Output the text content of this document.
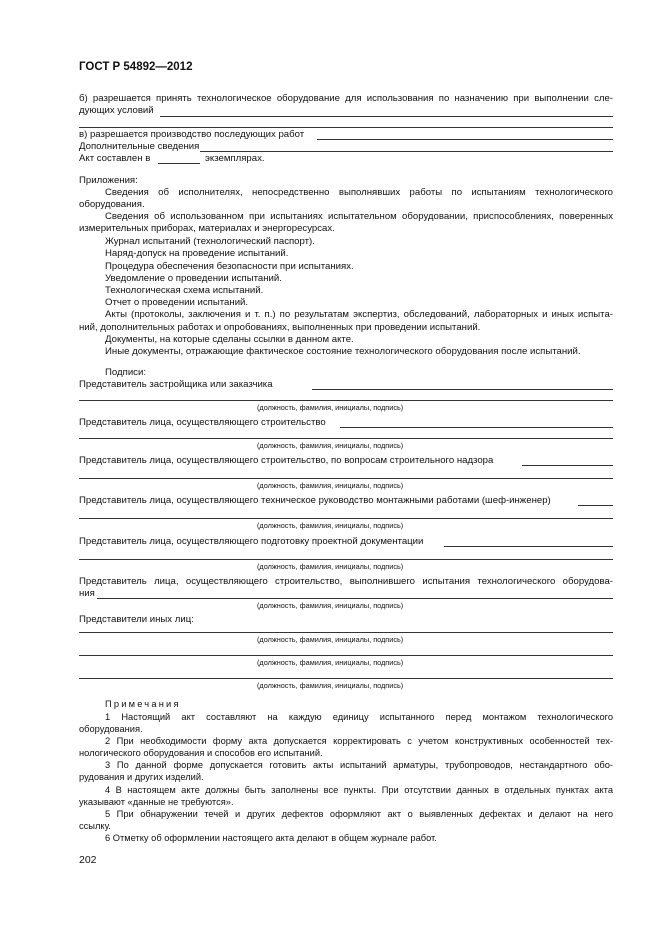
ГОСТ Р 54892—2012
б) разрешается принять технологическое оборудование для использования по назначению при выполнении сле-
дующих условий
в) разрешается производство последующих работ
Дополнительные сведения
Акт составлен в	экземплярах.
Приложения:
Сведения об исполнителях, непосредственно выполнявших работы по испытаниям технологического
оборудования.
Сведения об использованном при испытаниях испытательном оборудовании, приспособлениях, поверенных
измерительных приборах, материалах и энергоресурсах.
Журнал испытаний (технологический паспорт).
Наряд-допуск на проведение испытаний.
Процедура обеспечения безопасности при испытаниях.
Уведомление о проведении испытаний.
Технологическая схема испытаний.
Отчет о проведении испытаний.
Акты (протоколы, заключения и т. п.) по результатам экспертиз, обследований, лабораторных и иных испыта-
ний, дополнительных работах и опробованиях, выполненных при проведении испытаний.
Документы, на которые сделаны ссылки в данном акте.
Иные документы, отражающие фактическое состояние технологического оборудования после испытаний.
Подписи:
Представитель застройщика или заказчика
(должность, фамилия, инициалы, подпись)
Представитель лица, осуществляющего строительство
(должность, фамилия, инициалы, подпись)
Представитель лица, осуществляющего строительство, по вопросам строительного надзора
(должность, фамилия, инициалы, подпись)
Представитель лица, осуществляющего техническое руководство монтажными работами (шеф-инженер)
(должность, фамилия, инициалы, подпись)
Представитель лица, осуществляющего подготовку проектной документации
(должность, фамилия, инициалы, подпись)
Представитель лица, осуществляющего строительство, выполнившего испытания технологического оборудова-
ния
(должность, фамилия, инициалы, подпись)
Представители иных лиц:
(должность, фамилия, инициалы, подпись)
(должность, фамилия, инициалы, подпись)
(должность, фамилия, инициалы, подпись)
Примечания
1 Настоящий акт составляют на каждую единицу испытанного перед монтажом технологического
оборудования.
2 При необходимости форму акта допускается корректировать с учетом конструктивных особенностей тех-
нологического оборудования и способов его испытаний.
3 По данной форме допускается готовить акты испытаний арматуры, трубопроводов, нестандартного обо-
рудования и других изделий.
4 В настоящем акте должны быть заполнены все пункты. При отсутствии данных в отдельных пунктах акта
указывают «данные не требуются».
5 При обнаружении течей и других дефектов оформляют акт о выявленных дефектах и делают на него
ссылку.
6 Отметку об оформлении настоящего акта делают в общем журнале работ.
202
